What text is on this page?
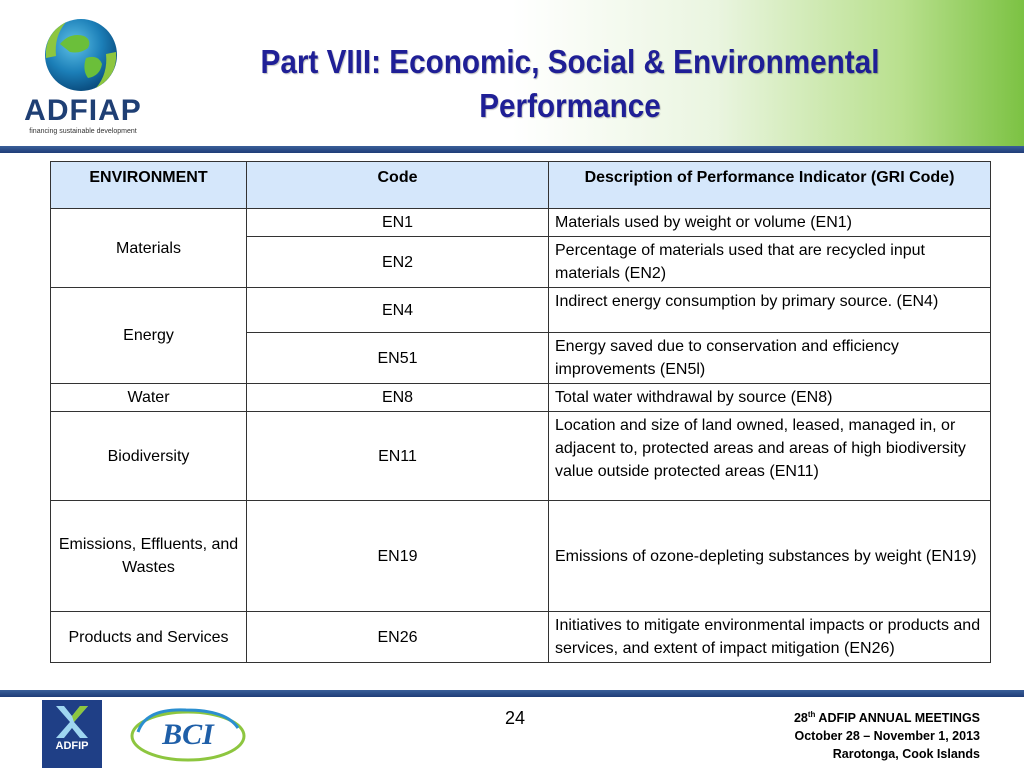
ADFIAP
financing sustainable development
Part VIII: Economic, Social & Environmental
Performance
ENVIRONMENT	Code	Description of Performance Indicator (GRI Code)
Materials	EN1	Materials used by weight or volume (EN1)
	EN2	Percentage of materials used that are recycled input materials (EN2)
Energy	EN4	Indirect energy consumption by primary source. (EN4)
	EN51	Energy saved due to conservation and efficiency improvements (EN5l)
Water	EN8	Total water withdrawal by source (EN8)
Biodiversity	EN11	Location and size of land owned, leased, managed in, or adjacent to, protected areas and areas of high biodiversity value outside protected areas (EN11)
Emissions, Effluents, and Wastes	EN19	Emissions of ozone-depleting substances by weight (EN19)
Products and Services	EN26	Initiatives to mitigate environmental impacts or products and services, and extent of impact mitigation (EN26)
ADFIP	BCI	24	28th ADFIP ANNUAL MEETINGS
October 28 – November 1, 2013
Rarotonga, Cook Islands
